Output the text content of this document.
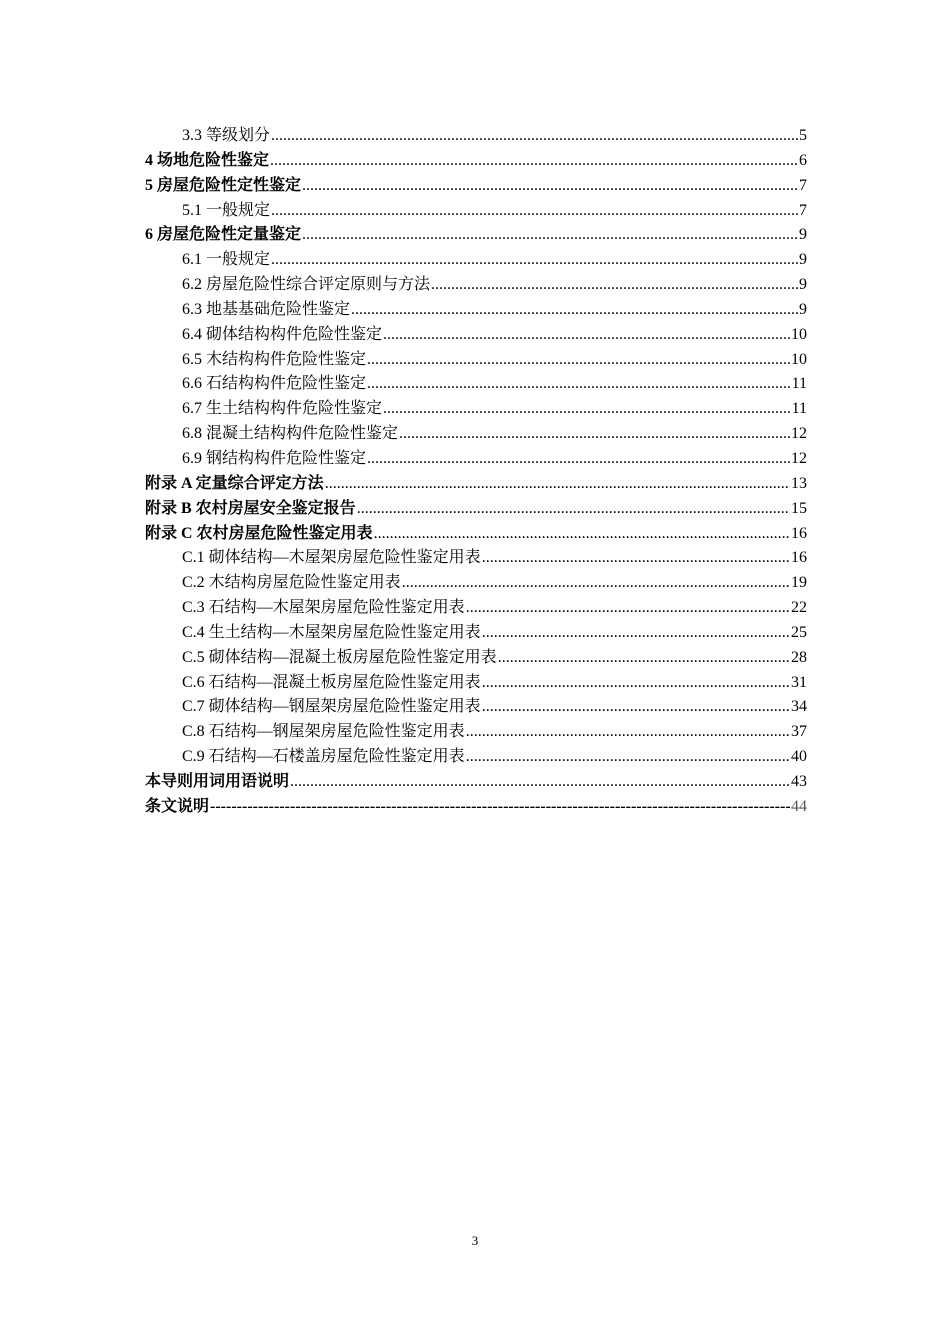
3.3 等级划分 .....	5
4 场地危险性鉴定 .....	6
5 房屋危险性定性鉴定 .....	7
5.1 一般规定 .....	7
6 房屋危险性定量鉴定 .....	9
6.1 一般规定 .....	9
6.2 房屋危险性综合评定原则与方法 .....	9
6.3 地基基础危险性鉴定 .....	9
6.4 砌体结构构件危险性鉴定 .....	10
6.5 木结构构件危险性鉴定 .....	10
6.6 石结构构件危险性鉴定 .....	11
6.7 生土结构构件危险性鉴定 .....	11
6.8 混凝土结构构件危险性鉴定 .....	12
6.9 钢结构构件危险性鉴定 .....	12
附录 A 定量综合评定方法 .....	13
附录 B 农村房屋安全鉴定报告 .....	15
附录 C 农村房屋危险性鉴定用表 .....	16
C.1 砌体结构—木屋架房屋危险性鉴定用表 .....	16
C.2 木结构房屋危险性鉴定用表 .....	19
C.3 石结构—木屋架房屋危险性鉴定用表 .....	22
C.4 生土结构—木屋架房屋危险性鉴定用表 .....	25
C.5 砌体结构—混凝土板房屋危险性鉴定用表 .....	28
C.6 石结构—混凝土板房屋危险性鉴定用表 .....	31
C.7 砌体结构—钢屋架房屋危险性鉴定用表 .....	34
C.8 石结构—钢屋架房屋危险性鉴定用表 .....	37
C.9 石结构—石楼盖房屋危险性鉴定用表 .....	40
本导则用词用语说明 .....	43
条文说明 -----	44
3
